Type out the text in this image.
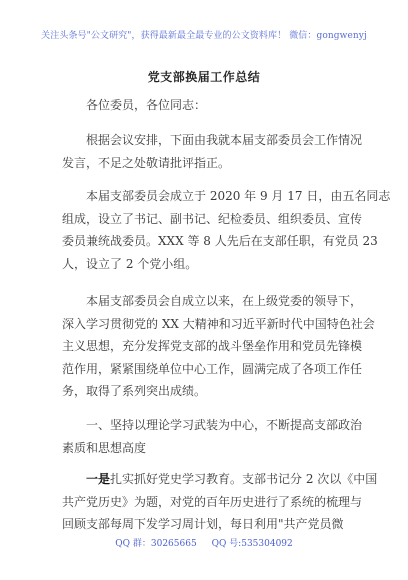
关注头条号"公文研究"，获得最新最全最专业的公文资料库！ 微信：gongwenyj
党支部换届工作总结

各位委员，各位同志：

根据会议安排，下面由我就本届支部委员会工作情况
发言，不足之处敬请批评指正。

本届支部委员会成立于 2020 年 9 月 17 日，由五名同志
组成，设立了书记、副书记、纪检委员、组织委员、宣传
委员兼统战委员。XXX 等 8 人先后在支部任职，有党员 23
人，设立了 2 个党小组。

本届支部委员会自成立以来，在上级党委的领导下，
深入学习贯彻党的 XX 大精神和习近平新时代中国特色社会
主义思想，充分发挥党支部的战斗堡垒作用和党员先锋模
范作用，紧紧围绕单位中心工作，圆满完成了各项工作任
务，取得了系列突出成绩。

一、坚持以理论学习武装为中心，不断提高支部政治
素质和思想高度

一是扎实抓好党史学习教育。支部书记分 2 次以《中国
共产党历史》为题，对党的百年历史进行了系统的梳理与
回顾支部每周下发学习周计划，每日利用"共产党员微

QQ 群：30265665 QQ 号:535304092
